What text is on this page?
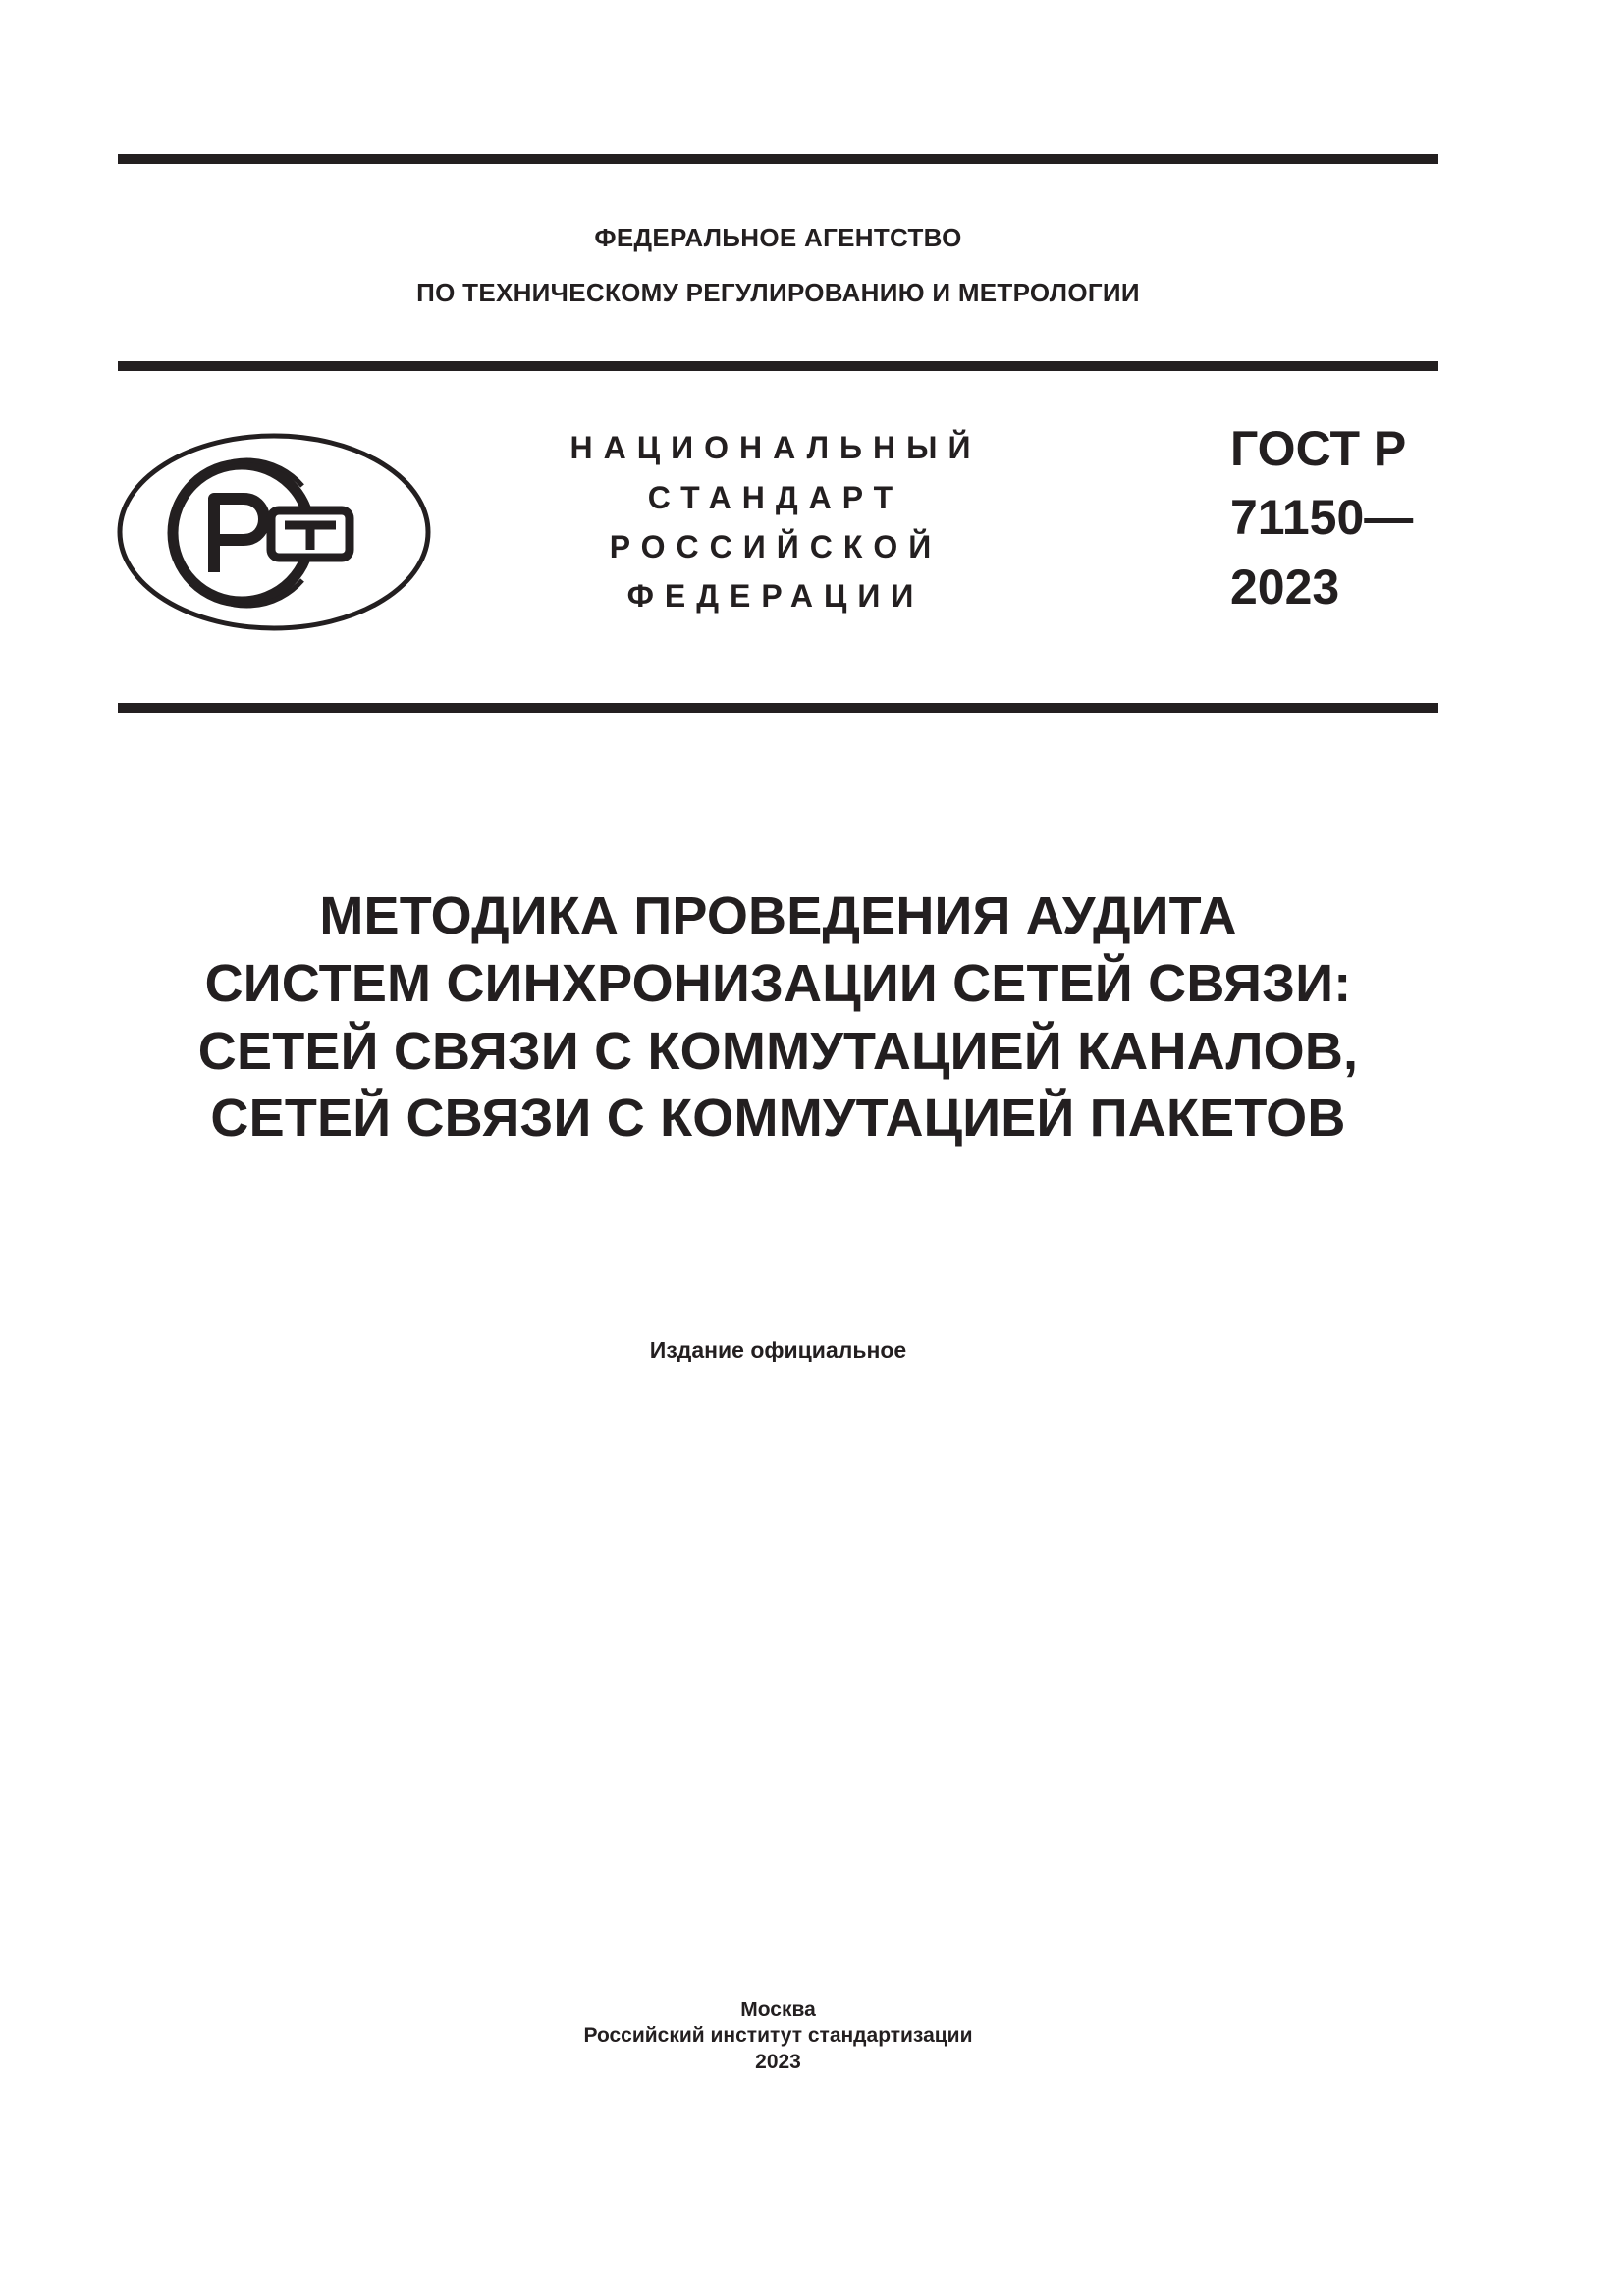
ФЕДЕРАЛЬНОЕ АГЕНТСТВО
ПО ТЕХНИЧЕСКОМУ РЕГУЛИРОВАНИЮ И МЕТРОЛОГИИ
НАЦИОНАЛЬНЫЙ
СТАНДАРТ
РОССИЙСКОЙ
ФЕДЕРАЦИИ
ГОСТ Р
71150—
2023
МЕТОДИКА ПРОВЕДЕНИЯ АУДИТА
СИСТЕМ СИНХРОНИЗАЦИИ СЕТЕЙ СВЯЗИ:
СЕТЕЙ СВЯЗИ С КОММУТАЦИЕЙ КАНАЛОВ,
СЕТЕЙ СВЯЗИ С КОММУТАЦИЕЙ ПАКЕТОВ
Издание официальное
Москва
Российский институт стандартизации
2023
